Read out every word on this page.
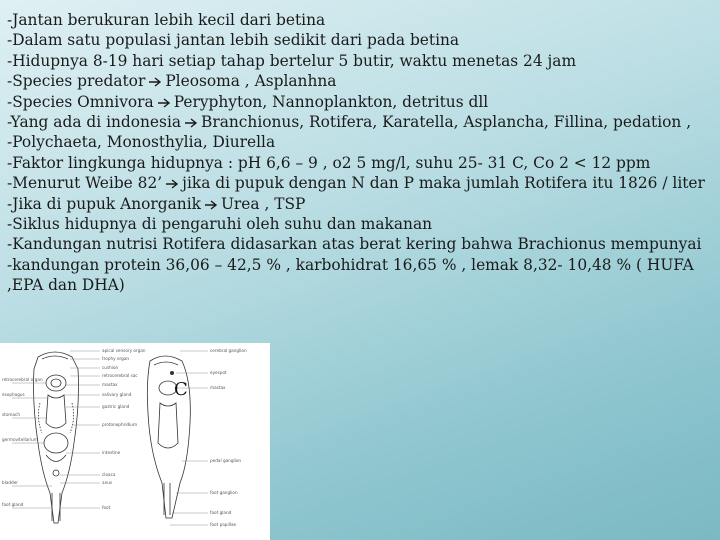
-Jantan berukuran lebih kecil dari betina
-Dalam satu populasi jantan lebih sedikit dari pada betina
-Hidupnya 8-19 hari setiap tahap bertelur 5 butir, waktu menetas 24 jam
-Species predator Pleosoma , Asplanhna
-Species Omnivora Peryphyton, Nannoplankton, detritus dll
-Yang ada di indonesia Branchionus, Rotifera, Karatella, Asplancha, Fillina, pedation ,
-Polychaeta, Monosthylia, Diurella
-Faktor lingkunga hidupnya : pH 6,6 – 9 , o2 5 mg/l, suhu 25- 31 C, Co 2 < 12 ppm
-Menurut Weibe 82’ jika di pupuk dengan N dan P maka jumlah Rotifera itu 1826 / liter
-Jika di pupuk Anorganik Urea , TSP
-Siklus hidupnya di pengaruhi oleh suhu dan makanan
-Kandungan nutrisi Rotifera didasarkan atas berat kering bahwa Brachionus mempunyai
-kandungan protein 36,06 – 42,5 % , karbohidrat 16,65 % , lemak 8,32- 10,48 % ( HUFA ,EPA dan DHA)
retrocerebral organ
esophagus
stomach
germovitellarium
bladder
foot gland
apical sensory organ
trophy organ
cushion
retrocerebral sac
mastax
salivary gland
gastric gland
protonephridium
intestine
cloaca
anus
foot
C
cerebral ganglion
eyespot
mastax
pedal ganglion
foot ganglion
foot gland
foot papillae
